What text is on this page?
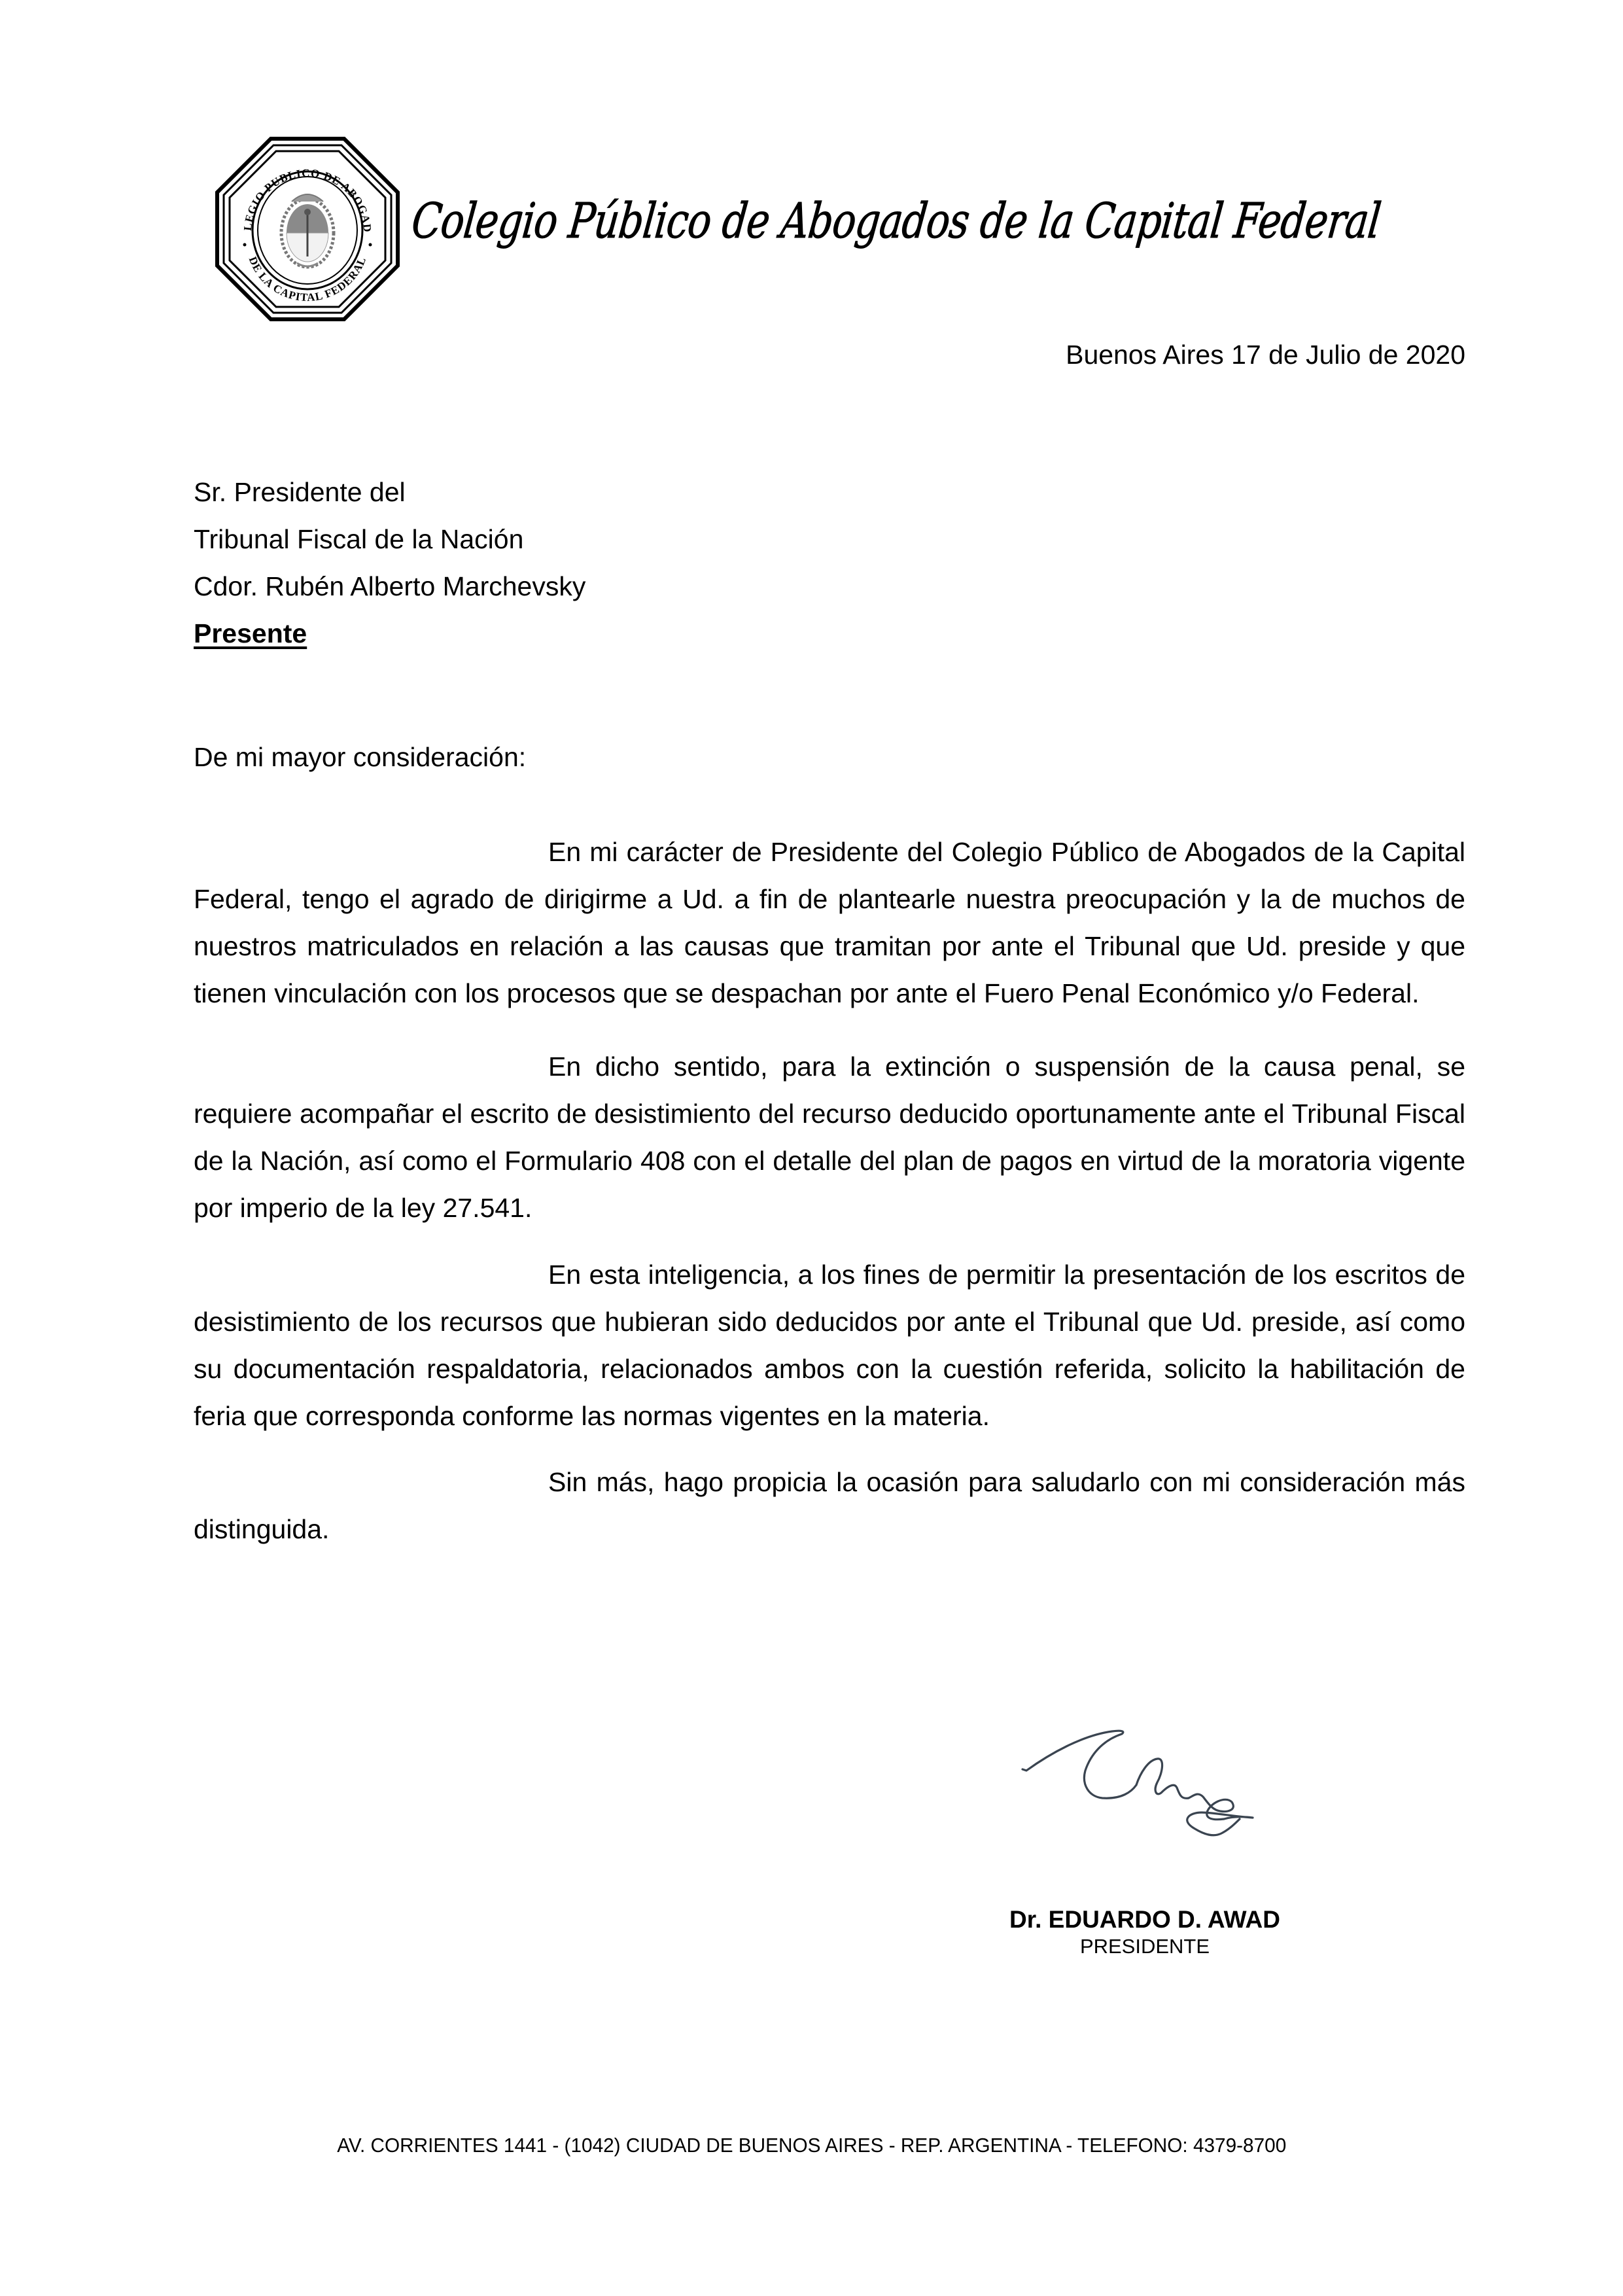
LEGIO PUBLICO DE ABOGAD
DE LA CAPITAL FEDERAL
Colegio Público de Abogados de la Capital Federal
Buenos Aires 17 de Julio de 2020
Sr. Presidente del
Tribunal Fiscal de la Nación
Cdor. Rubén Alberto Marchevsky
Presente
De mi mayor consideración:

En mi carácter de Presidente del Colegio Público de Abogados de la Capital Federal, tengo el agrado de dirigirme a Ud. a fin de plantearle nuestra preocupación y la de muchos de nuestros matriculados en relación a las causas que tramitan por ante el Tribunal que Ud. preside y que tienen vinculación con los procesos que se despachan por ante el Fuero Penal Económico y/o Federal.

En dicho sentido, para la extinción o suspensión de la causa penal, se requiere acompañar el escrito de desistimiento del recurso deducido oportunamente ante el Tribunal Fiscal de la Nación, así como el Formulario 408 con el detalle del plan de pagos en virtud de la moratoria vigente por imperio de la ley 27.541.

En esta inteligencia, a los fines de permitir la presentación de los escritos de desistimiento de los recursos que hubieran sido deducidos por ante el Tribunal que Ud. preside, así como su documentación respaldatoria, relacionados ambos con la cuestión referida, solicito la habilitación de feria que corresponda conforme las normas vigentes en la materia.

Sin más, hago propicia la ocasión para saludarlo con mi consideración más distinguida.

Dr. EDUARDO D. AWAD
PRESIDENTE
AV. CORRIENTES 1441 - (1042) CIUDAD DE BUENOS AIRES - REP. ARGENTINA - TELEFONO: 4379-8700
